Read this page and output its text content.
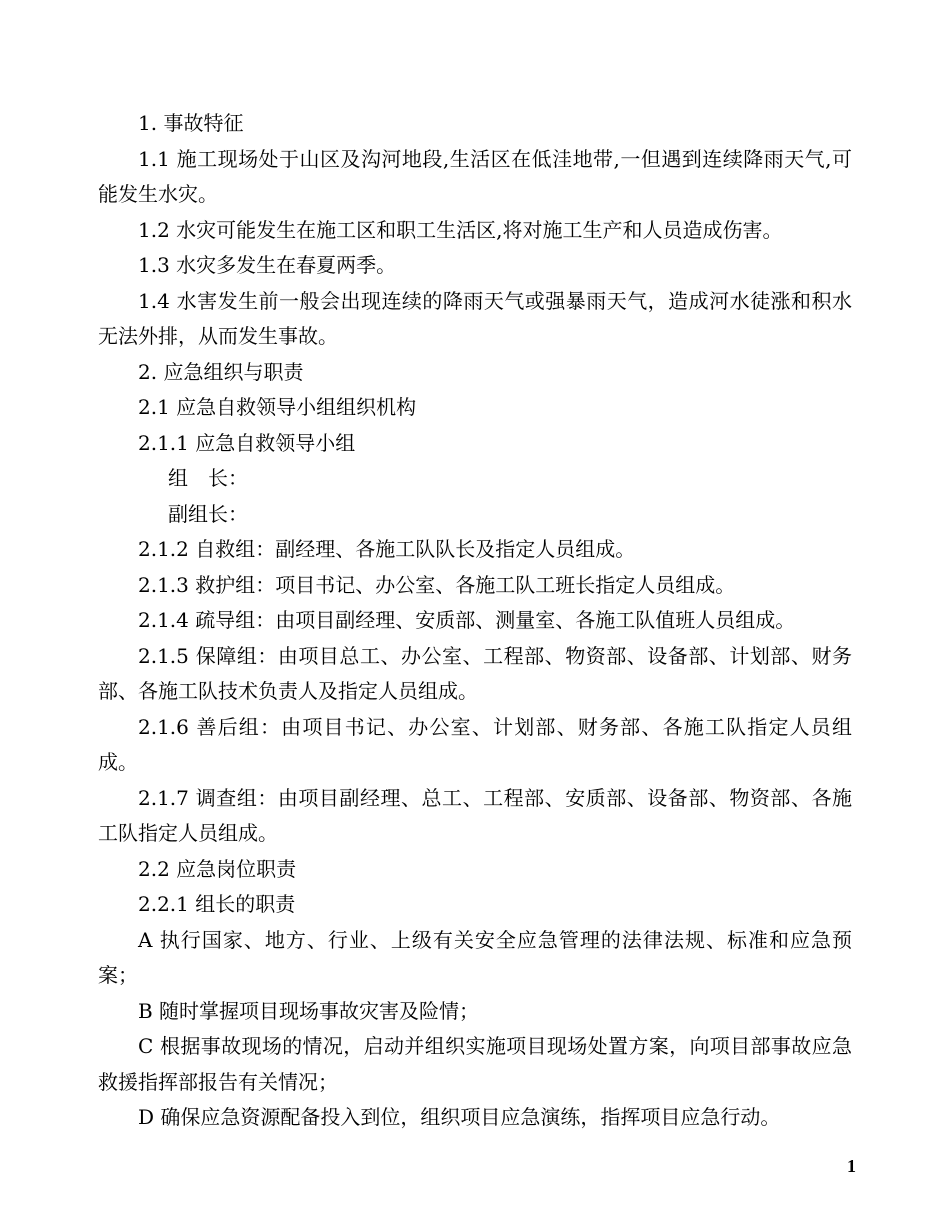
1. 事故特征

1.1 施工现场处于山区及沟河地段,生活区在低洼地带,一但遇到连续降雨天气,可能发生水灾。

1.2 水灾可能发生在施工区和职工生活区,将对施工生产和人员造成伤害。

1.3 水灾多发生在春夏两季。

1.4 水害发生前一般会出现连续的降雨天气或强暴雨天气，造成河水徒涨和积水无法外排，从而发生事故。

2. 应急组织与职责

2.1 应急自救领导小组组织机构

2.1.1 应急自救领导小组

组　长：

副组长：

2.1.2 自救组：副经理、各施工队队长及指定人员组成。

2.1.3 救护组：项目书记、办公室、各施工队工班长指定人员组成。

2.1.4 疏导组：由项目副经理、安质部、测量室、各施工队值班人员组成。

2.1.5 保障组：由项目总工、办公室、工程部、物资部、设备部、计划部、财务部、各施工队技术负责人及指定人员组成。

2.1.6 善后组：由项目书记、办公室、计划部、财务部、各施工队指定人员组成。

2.1.7 调查组：由项目副经理、总工、工程部、安质部、设备部、物资部、各施工队指定人员组成。

2.2 应急岗位职责

2.2.1 组长的职责

A 执行国家、地方、行业、上级有关安全应急管理的法律法规、标准和应急预案；

B 随时掌握项目现场事故灾害及险情；

C 根据事故现场的情况，启动并组织实施项目现场处置方案，向项目部事故应急救援指挥部报告有关情况；

D 确保应急资源配备投入到位，组织项目应急演练，指挥项目应急行动。

1
